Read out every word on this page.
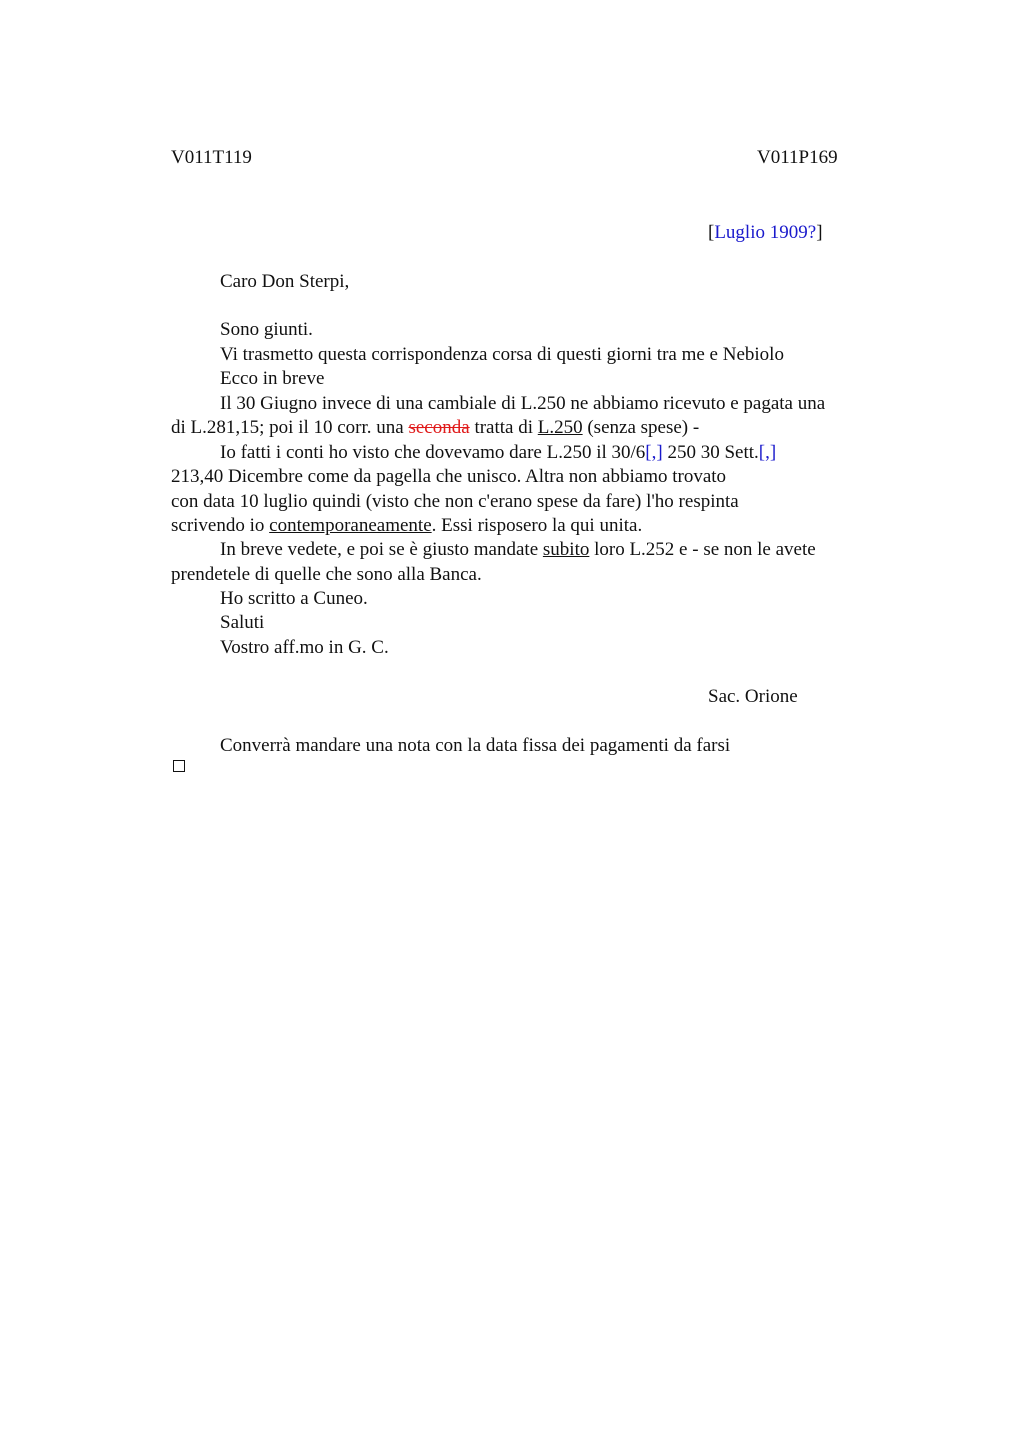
V011T119	V011P169
[Luglio 1909?]
Caro Don Sterpi,
Sono giunti.
Vi trasmetto questa corrispondenza corsa di questi giorni tra me e Nebiolo
Ecco in breve
Il 30 Giugno invece di una cambiale di L.250 ne abbiamo ricevuto e pagata una
di L.281,15; poi il 10 corr. una seconda tratta di L.250 (senza spese) -
Io fatti i conti ho visto che dovevamo dare L.250 il 30/6[,] 250 30 Sett.[,]
213,40 Dicembre come da pagella che unisco. Altra non abbiamo trovato
con data 10 luglio quindi (visto che non c'erano spese da fare) l'ho respinta
scrivendo io contemporaneamente. Essi risposero la qui unita.
In breve vedete, e poi se è giusto mandate subito loro L.252 e - se non le avete
prendetele di quelle che sono alla Banca.
Ho scritto a Cuneo.
Saluti
Vostro aff.mo in G. C.
Sac. Orione
Converrà mandare una nota con la data fissa dei pagamenti da farsi
